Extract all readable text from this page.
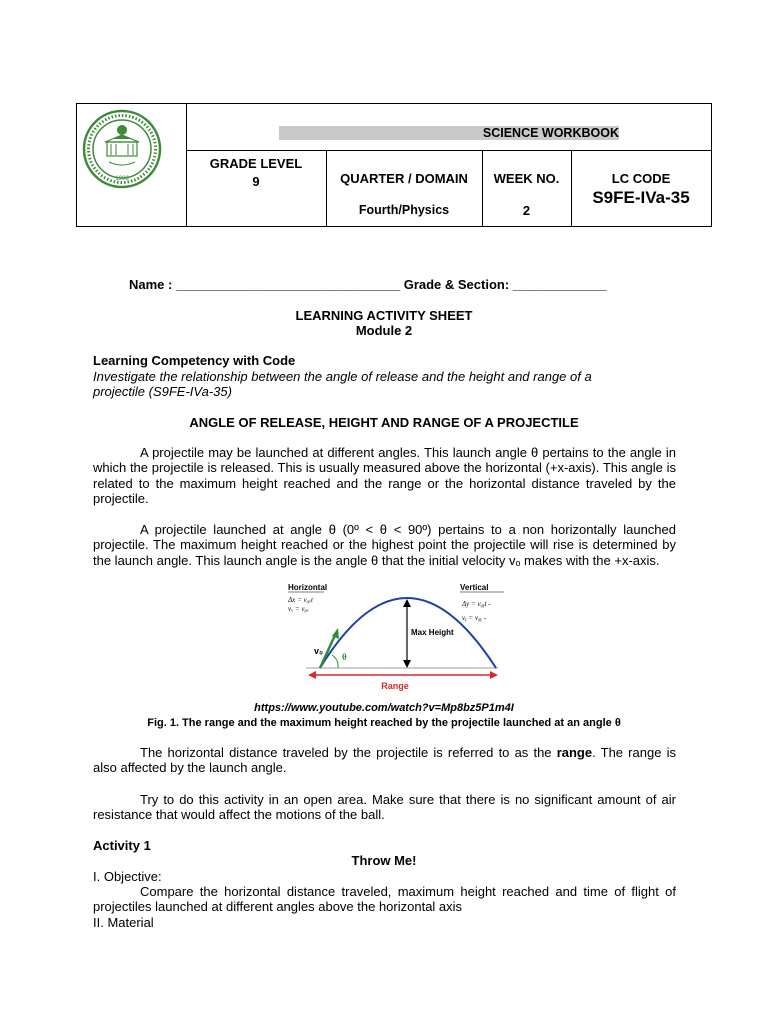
1908
SCIENCE WORKBOOK
GRADE LEVEL
9	QUARTER / DOMAIN
Fourth/Physics
WEEK NO.
2
LC CODE
S9FE-IVa-35
Name : _______________________________ Grade & Section: _____________
LEARNING ACTIVITY SHEET
Module 2
Learning Competency with Code
Investigate the relationship between the angle of release and the height and range of a
projectile (S9FE-IVa-35)
ANGLE OF RELEASE, HEIGHT AND RANGE OF A PROJECTILE
A projectile may be launched at different angles. This launch angle θ pertains to the angle in which the projectile is released. This is usually measured above the horizontal (+x-axis). This angle is related to the maximum height reached and the range or the horizontal distance traveled by the projectile.
A projectile launched at angle θ (0º < θ < 90º) pertains to a non horizontally launched projectile. The maximum height reached or the highest point the projectile will rise is determined by the launch angle. This launch angle is the angle θ that the initial velocity vₒ makes with the +x-axis.
Horizontal
Δx = v₀ₓt
vₓ = v₀ₓ
Vertical
Δy = v₀ᵧt -
vᵧ = v₀ᵧ -
Max Height
v₀
θ
Range
https://www.youtube.com/watch?v=Mp8bz5P1m4I
Fig. 1. The range and the maximum height reached by the projectile launched at an angle θ
The horizontal distance traveled by the projectile is referred to as the range. The range is also affected by the launch angle.
Try to do this activity in an open area. Make sure that there is no significant amount of air resistance that would affect the motions of the ball.
Activity 1
Throw Me!
I. Objective:
Compare the horizontal distance traveled, maximum height reached and time of flight of projectiles launched at different angles above the horizontal axis
II. Material
